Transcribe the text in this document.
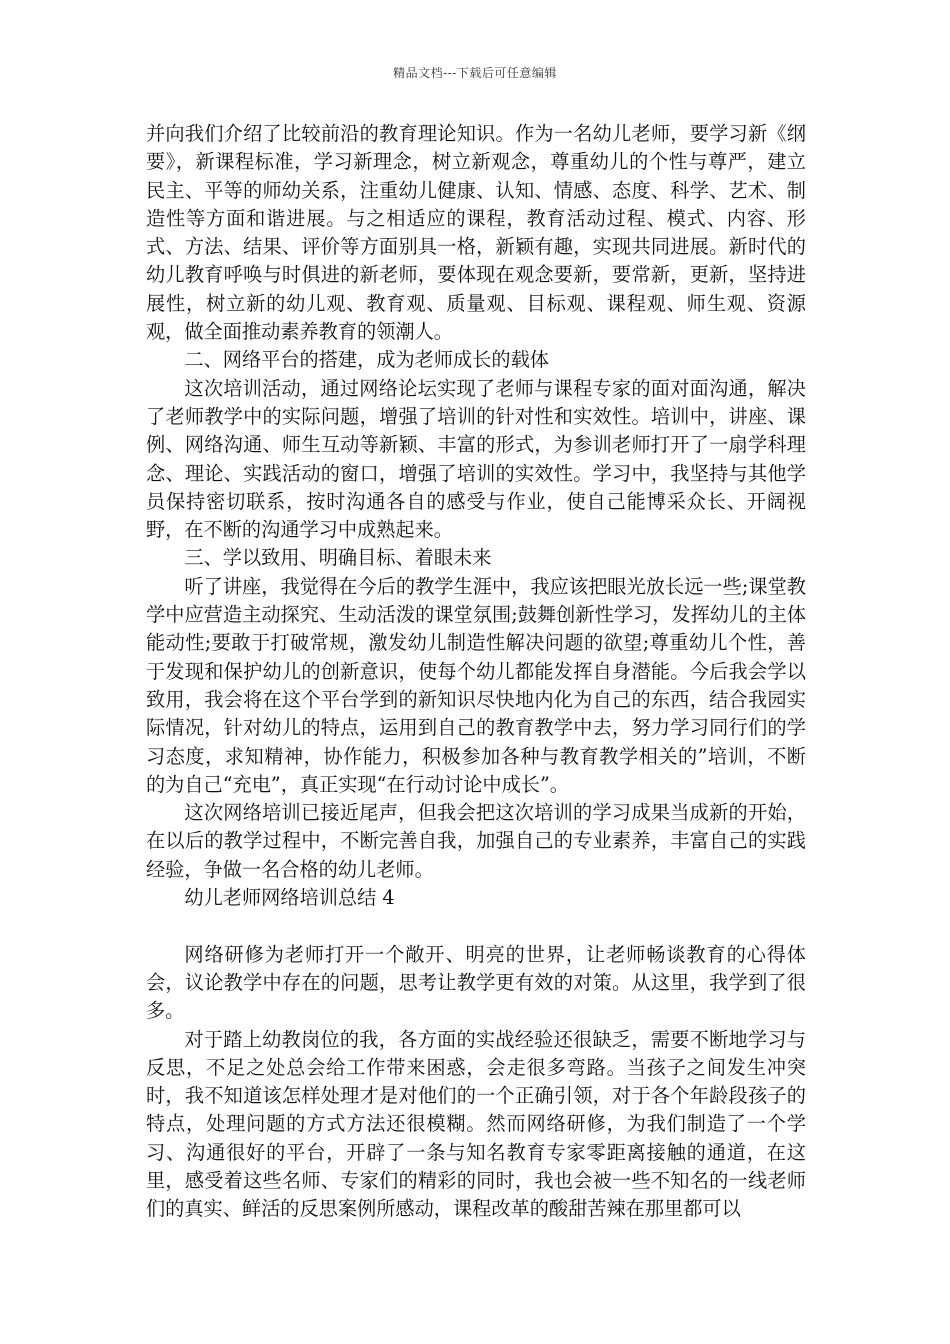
精品文档---下载后可任意编辑

并向我们介绍了比较前沿的教育理论知识。作为一名幼儿老师，要学习新《纲要》，新课程标准，学习新理念，树立新观念，尊重幼儿的个性与尊严，建立民主、平等的师幼关系，注重幼儿健康、认知、情感、态度、科学、艺术、制造性等方面和谐进展。与之相适应的课程，教育活动过程、模式、内容、形式、方法、结果、评价等方面别具一格，新颖有趣，实现共同进展。新时代的幼儿教育呼唤与时俱进的新老师，要体现在观念要新，要常新，更新，坚持进展性，树立新的幼儿观、教育观、质量观、目标观、课程观、师生观、资源观，做全面推动素养教育的领潮人。

二、网络平台的搭建，成为老师成长的载体

这次培训活动，通过网络论坛实现了老师与课程专家的面对面沟通，解决了老师教学中的实际问题，增强了培训的针对性和实效性。培训中，讲座、课例、网络沟通、师生互动等新颖、丰富的形式，为参训老师打开了一扇学科理念、理论、实践活动的窗口，增强了培训的实效性。学习中，我坚持与其他学员保持密切联系，按时沟通各自的感受与作业，使自己能博采众长、开阔视野，在不断的沟通学习中成熟起来。

三、学以致用、明确目标、着眼未来

听了讲座，我觉得在今后的教学生涯中，我应该把眼光放长远一些;课堂教学中应营造主动探究、生动活泼的课堂氛围;鼓舞创新性学习，发挥幼儿的主体能动性;要敢于打破常规，激发幼儿制造性解决问题的欲望;尊重幼儿个性，善于发现和保护幼儿的创新意识，使每个幼儿都能发挥自身潜能。今后我会学以致用，我会将在这个平台学到的新知识尽快地内化为自己的东西，结合我园实际情况，针对幼儿的特点，运用到自己的教育教学中去，努力学习同行们的学习态度，求知精神，协作能力，积极参加各种与教育教学相关的”培训，不断的为自己“充电”，真正实现“在行动讨论中成长”。

这次网络培训已接近尾声，但我会把这次培训的学习成果当成新的开始，在以后的教学过程中，不断完善自我，加强自己的专业素养，丰富自己的实践经验，争做一名合格的幼儿老师。

幼儿老师网络培训总结 4

网络研修为老师打开一个敞开、明亮的世界，让老师畅谈教育的心得体会，议论教学中存在的问题，思考让教学更有效的对策。从这里，我学到了很多。

对于踏上幼教岗位的我，各方面的实战经验还很缺乏，需要不断地学习与反思，不足之处总会给工作带来困惑，会走很多弯路。当孩子之间发生冲突时，我不知道该怎样处理才是对他们的一个正确引领，对于各个年龄段孩子的特点，处理问题的方式方法还很模糊。然而网络研修，为我们制造了一个学习、沟通很好的平台，开辟了一条与知名教育专家零距离接触的通道，在这里，感受着这些名师、专家们的精彩的同时，我也会被一些不知名的一线老师们的真实、鲜活的反思案例所感动，课程改革的酸甜苦辣在那里都可以
